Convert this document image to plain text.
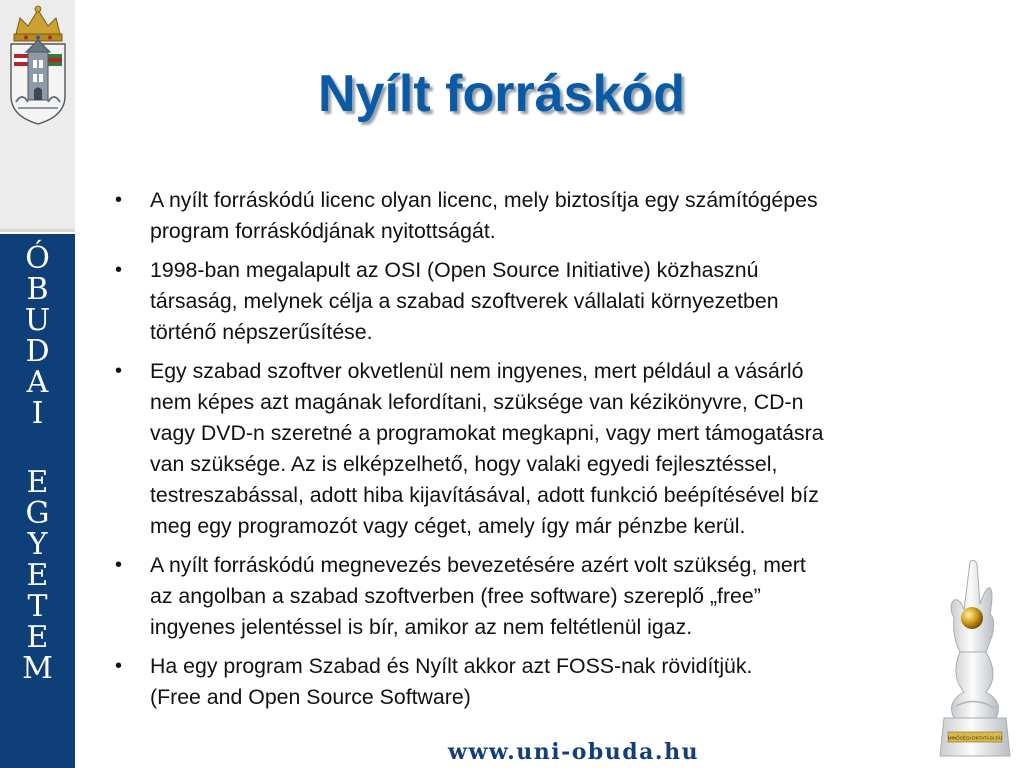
Ó
B
U
D
A
I
E
G
Y
E
T
E
M
Nyílt forráskód
• A nyílt forráskódú licenc olyan licenc, mely biztosítja egy számítógépes
program forráskódjának nyitottságát.
• 1998-ban megalapult az OSI (Open Source Initiative) közhasznú
társaság, melynek célja a szabad szoftverek vállalati környezetben
történő népszerűsítése.
• Egy szabad szoftver okvetlenül nem ingyenes, mert például a vásárló
nem képes azt magának lefordítani, szüksége van kézikönyvre, CD-n
vagy DVD-n szeretné a programokat megkapni, vagy mert támogatásra
van szüksége. Az is elképzelhető, hogy valaki egyedi fejlesztéssel,
testreszabással, adott hiba kijavításával, adott funkció beépítésével bíz
meg egy programozót vagy céget, amely így már pénzbe kerül.
• A nyílt forráskódú megnevezés bevezetésére azért volt szükség, mert
az angolban a szabad szoftverben (free software) szereplő „free”
ingyenes jelentéssel is bír, amikor az nem feltétlenül igaz.
• Ha egy program Szabad és Nyílt akkor azt FOSS-nak rövidítjük.
(Free and Open Source Software)
MINŐSÉGI OKTATÁSI DÍJ
www.uni-obuda.hu
